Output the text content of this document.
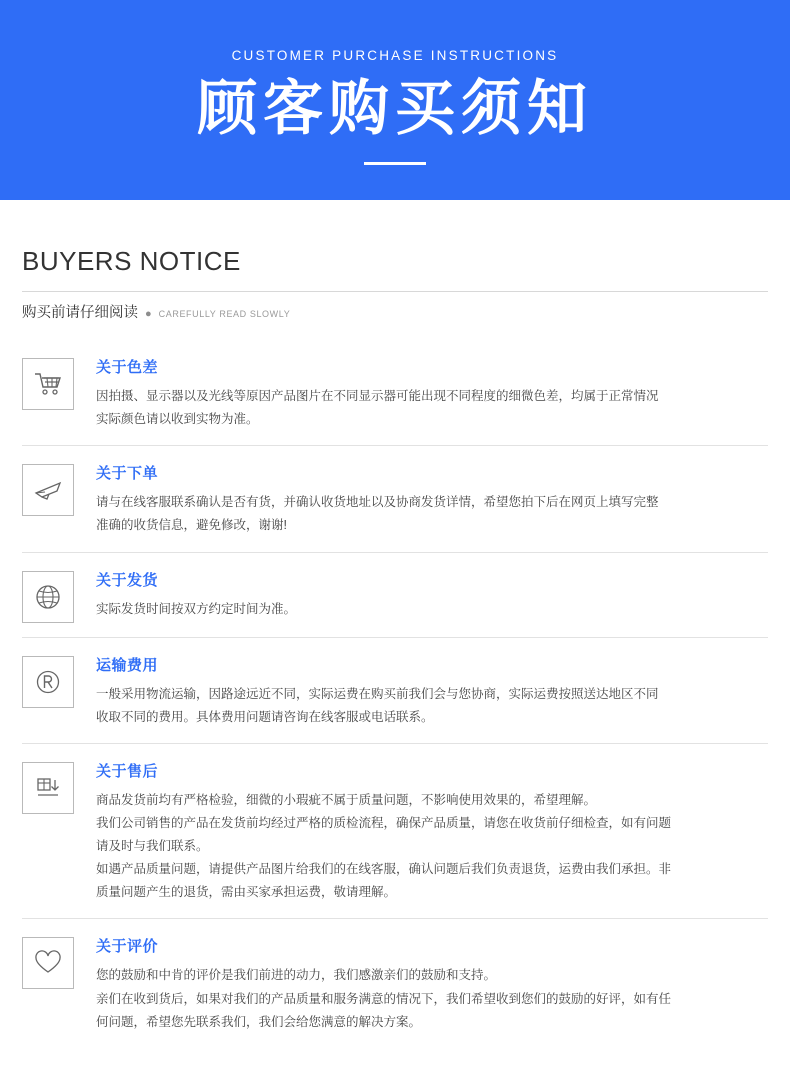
CUSTOMER PURCHASE INSTRUCTIONS
顾客购买须知
BUYERS NOTICE
购买前请仔细阅读 ● CAREFULLY READ SLOWLY
关于色差

因拍摄、显示器以及光线等原因产品图片在不同显示器可能出现不同程度的细微色差，均属于正常情况

实际颜色请以收到实物为准。

关于下单

请与在线客服联系确认是否有货，并确认收货地址以及协商发货详情，希望您拍下后在网页上填写完整

准确的收货信息，避免修改，谢谢!

关于发货

实际发货时间按双方约定时间为准。

运输费用

一般采用物流运输，因路途远近不同，实际运费在购买前我们会与您协商，实际运费按照送达地区不同

收取不同的费用。具体费用问题请咨询在线客服或电话联系。

关于售后

商品发货前均有严格检验，细微的小瑕疵不属于质量问题，不影响使用效果的，希望理解。

我们公司销售的产品在发货前均经过严格的质检流程，确保产品质量，请您在收货前仔细检查，如有问题

请及时与我们联系。

如遇产品质量问题，请提供产品图片给我们的在线客服，确认问题后我们负责退货，运费由我们承担。非

质量问题产生的退货，需由买家承担运费，敬请理解。

关于评价

您的鼓励和中肯的评价是我们前进的动力，我们感激亲们的鼓励和支持。

亲们在收到货后，如果对我们的产品质量和服务满意的情况下，我们希望收到您们的鼓励的好评，如有任

何问题，希望您先联系我们，我们会给您满意的解决方案。
